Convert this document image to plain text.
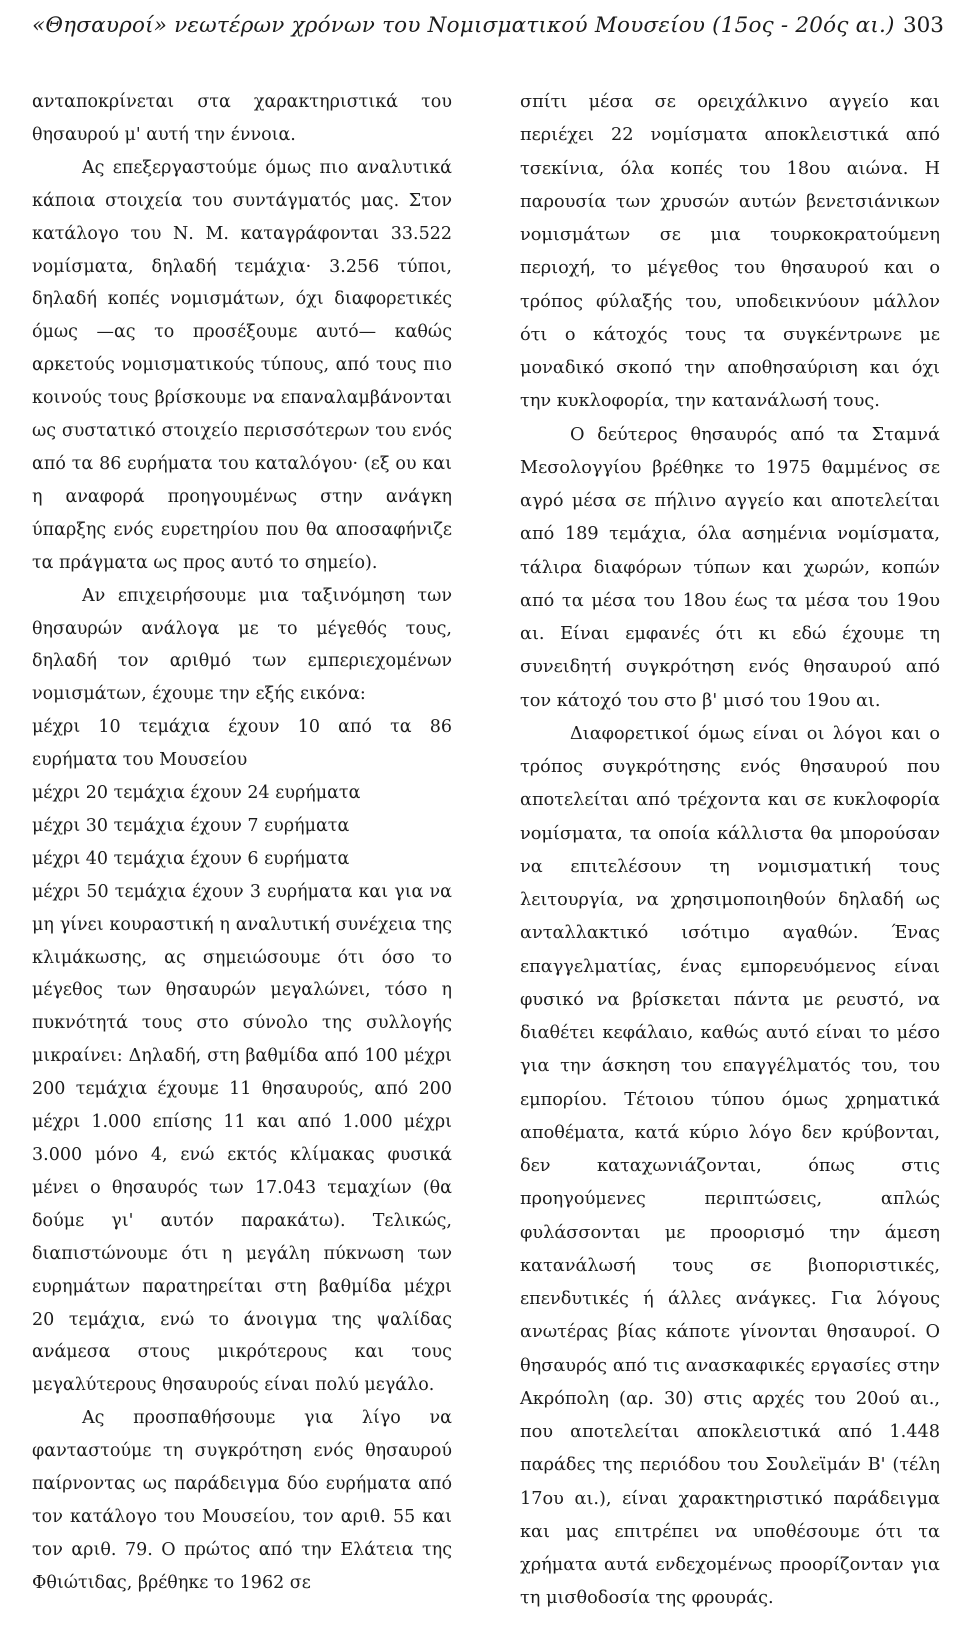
«Θησαυροί» νεωτέρων χρόνων του Νομισματικού Μουσείου (15ος - 20ός αι.) 303

ανταποκρίνεται στα χαρακτηριστικά του θησαυρού μ' αυτή την έννοια.

Ας επεξεργαστούμε όμως πιο αναλυτικά κάποια στοιχεία του συντάγματός μας. Στον κατάλογο του Ν. Μ. καταγράφονται 33.522 νομίσματα, δηλαδή τεμάχια· 3.256 τύποι, δηλαδή κοπές νομισμάτων, όχι διαφορετικές όμως —ας το προσέξουμε αυτό— καθώς αρκετούς νομισματικούς τύπους, από τους πιο κοινούς τους βρίσκουμε να επαναλαμβάνονται ως συστατικό στοιχείο περισσότερων του ενός από τα 86 ευρήματα του καταλόγου· (εξ ου και η αναφορά προηγουμένως στην ανάγκη ύπαρξης ενός ευρετηρίου που θα αποσαφήνιζε τα πράγματα ως προς αυτό το σημείο).

Αν επιχειρήσουμε μια ταξινόμηση των θησαυρών ανάλογα με το μέγεθός τους, δηλαδή τον αριθμό των εμπεριεχομένων νομισμάτων, έχουμε την εξής εικόνα:

μέχρι 10 τεμάχια έχουν 10 από τα 86 ευρήματα του Μουσείου

μέχρι 20 τεμάχια έχουν 24 ευρήματα

μέχρι 30 τεμάχια έχουν 7 ευρήματα

μέχρι 40 τεμάχια έχουν 6 ευρήματα

μέχρι 50 τεμάχια έχουν 3 ευρήματα και για να μη γίνει κουραστική η αναλυτική συνέχεια της κλιμάκωσης, ας σημειώσουμε ότι όσο το μέγεθος των θησαυρών μεγαλώνει, τόσο η πυκνότητά τους στο σύνολο της συλλογής μικραίνει: Δηλαδή, στη βαθμίδα από 100 μέχρι 200 τεμάχια έχουμε 11 θησαυρούς, από 200 μέχρι 1.000 επίσης 11 και από 1.000 μέχρι 3.000 μόνο 4, ενώ εκτός κλίμακας φυσικά μένει ο θησαυρός των 17.043 τεμαχίων (θα δούμε γι' αυτόν παρακάτω). Τελικώς, διαπιστώνουμε ότι η μεγάλη πύκνωση των ευρημάτων παρατηρείται στη βαθμίδα μέχρι 20 τεμάχια, ενώ το άνοιγμα της ψαλίδας ανάμεσα στους μικρότερους και τους μεγαλύτερους θησαυρούς είναι πολύ μεγάλο.

Ας προσπαθήσουμε για λίγο να φανταστούμε τη συγκρότηση ενός θησαυρού παίρνοντας ως παράδειγμα δύο ευρήματα από τον κατάλογο του Μουσείου, τον αριθ. 55 και τον αριθ. 79. Ο πρώτος από την Ελάτεια της Φθιώτιδας, βρέθηκε το 1962 σε

σπίτι μέσα σε ορειχάλκινο αγγείο και περιέχει 22 νομίσματα αποκλειστικά από τσεκίνια, όλα κοπές του 18ου αιώνα. Η παρουσία των χρυσών αυτών βενετσιάνικων νομισμάτων σε μια τουρκοκρατούμενη περιοχή, το μέγεθος του θησαυρού και ο τρόπος φύλαξής του, υποδεικνύουν μάλλον ότι ο κάτοχός τους τα συγκέντρωνε με μοναδικό σκοπό την αποθησαύριση και όχι την κυκλοφορία, την κατανάλωσή τους.

Ο δεύτερος θησαυρός από τα Σταμνά Μεσολογγίου βρέθηκε το 1975 θαμμένος σε αγρό μέσα σε πήλινο αγγείο και αποτελείται από 189 τεμάχια, όλα ασημένια νομίσματα, τάλιρα διαφόρων τύπων και χωρών, κοπών από τα μέσα του 18ου έως τα μέσα του 19ου αι. Είναι εμφανές ότι κι εδώ έχουμε τη συνειδητή συγκρότηση ενός θησαυρού από τον κάτοχό του στο β' μισό του 19ου αι.

Διαφορετικοί όμως είναι οι λόγοι και ο τρόπος συγκρότησης ενός θησαυρού που αποτελείται από τρέχοντα και σε κυκλοφορία νομίσματα, τα οποία κάλλιστα θα μπορούσαν να επιτελέσουν τη νομισματική τους λειτουργία, να χρησιμοποιηθούν δηλαδή ως ανταλλακτικό ισότιμο αγαθών. Ένας επαγγελματίας, ένας εμπορευόμενος είναι φυσικό να βρίσκεται πάντα με ρευστό, να διαθέτει κεφάλαιο, καθώς αυτό είναι το μέσο για την άσκηση του επαγγέλματός του, του εμπορίου. Τέτοιου τύπου όμως χρηματικά αποθέματα, κατά κύριο λόγο δεν κρύβονται, δεν καταχωνιάζονται, όπως στις προηγούμενες περιπτώσεις, απλώς φυλάσσονται με προορισμό την άμεση κατανάλωσή τους σε βιοποριστικές, επενδυτικές ή άλλες ανάγκες. Για λόγους ανωτέρας βίας κάποτε γίνονται θησαυροί. Ο θησαυρός από τις ανασκαφικές εργασίες στην Ακρόπολη (αρ. 30) στις αρχές του 20ού αι., που αποτελείται αποκλειστικά από 1.448 παράδες της περιόδου του Σουλεϊμάν Β' (τέλη 17ου αι.), είναι χαρακτηριστικό παράδειγμα και μας επιτρέπει να υποθέσουμε ότι τα χρήματα αυτά ενδεχομένως προορίζονταν για τη μισθοδοσία της φρουράς.
